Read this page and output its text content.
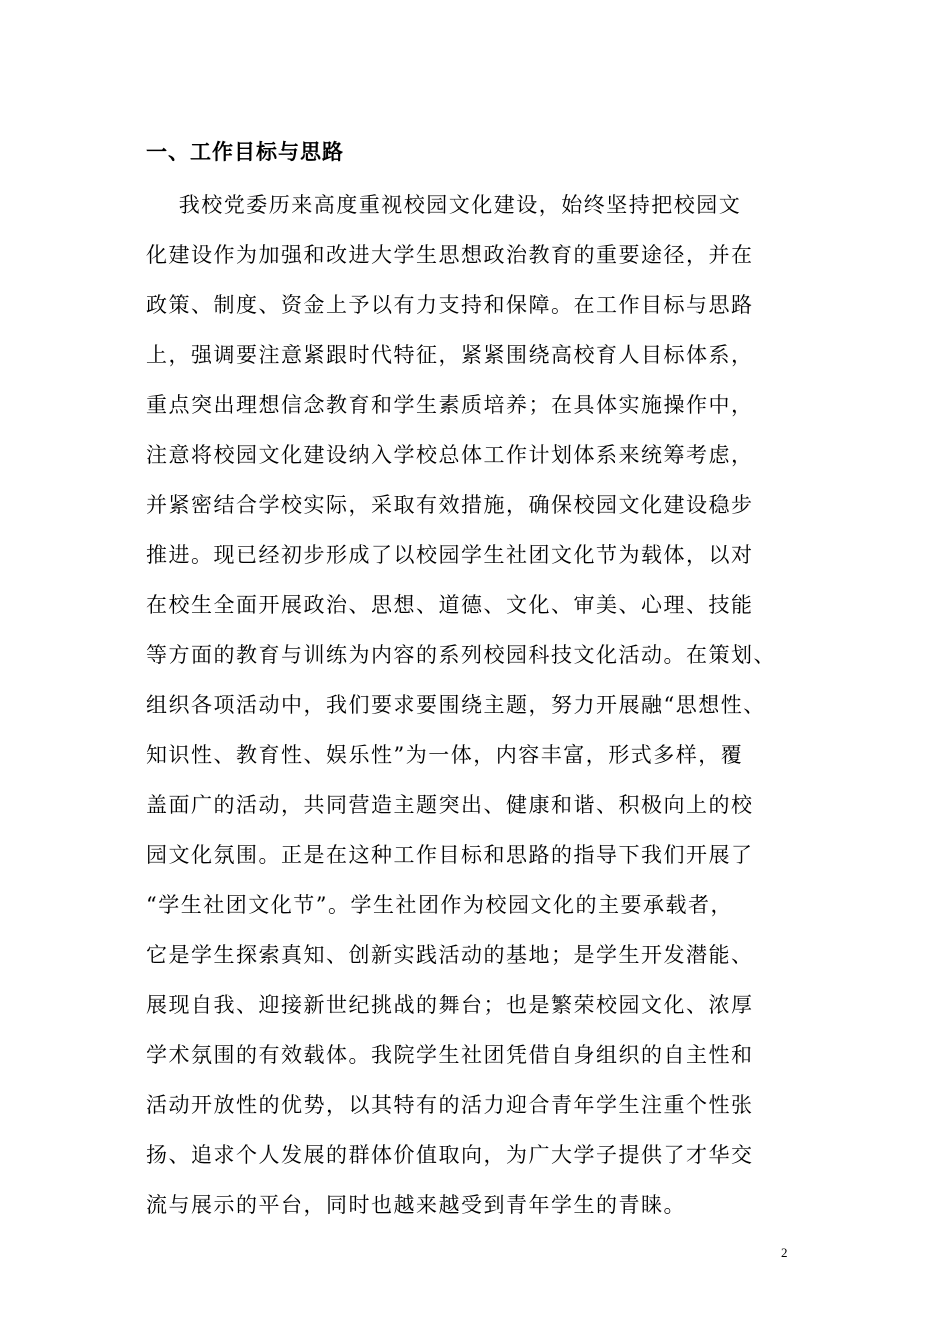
一、工作目标与思路
我校党委历来高度重视校园文化建设，始终坚持把校园文
化建设作为加强和改进大学生思想政治教育的重要途径，并在
政策、制度、资金上予以有力支持和保障。在工作目标与思路
上，强调要注意紧跟时代特征，紧紧围绕高校育人目标体系，
重点突出理想信念教育和学生素质培养；在具体实施操作中，
注意将校园文化建设纳入学校总体工作计划体系来统筹考虑，
并紧密结合学校实际，采取有效措施，确保校园文化建设稳步
推进。现已经初步形成了以校园学生社团文化节为载体，以对
在校生全面开展政治、思想、道德、文化、审美、心理、技能
等方面的教育与训练为内容的系列校园科技文化活动。在策划、
组织各项活动中，我们要求要围绕主题，努力开展融“思想性、
知识性、教育性、娱乐性”为一体，内容丰富，形式多样，覆
盖面广的活动，共同营造主题突出、健康和谐、积极向上的校
园文化氛围。正是在这种工作目标和思路的指导下我们开展了
“学生社团文化节”。学生社团作为校园文化的主要承载者，
它是学生探索真知、创新实践活动的基地；是学生开发潜能、
展现自我、迎接新世纪挑战的舞台；也是繁荣校园文化、浓厚
学术氛围的有效载体。我院学生社团凭借自身组织的自主性和
活动开放性的优势，以其特有的活力迎合青年学生注重个性张
扬、追求个人发展的群体价值取向，为广大学子提供了才华交
流与展示的平台，同时也越来越受到青年学生的青睐。
2
